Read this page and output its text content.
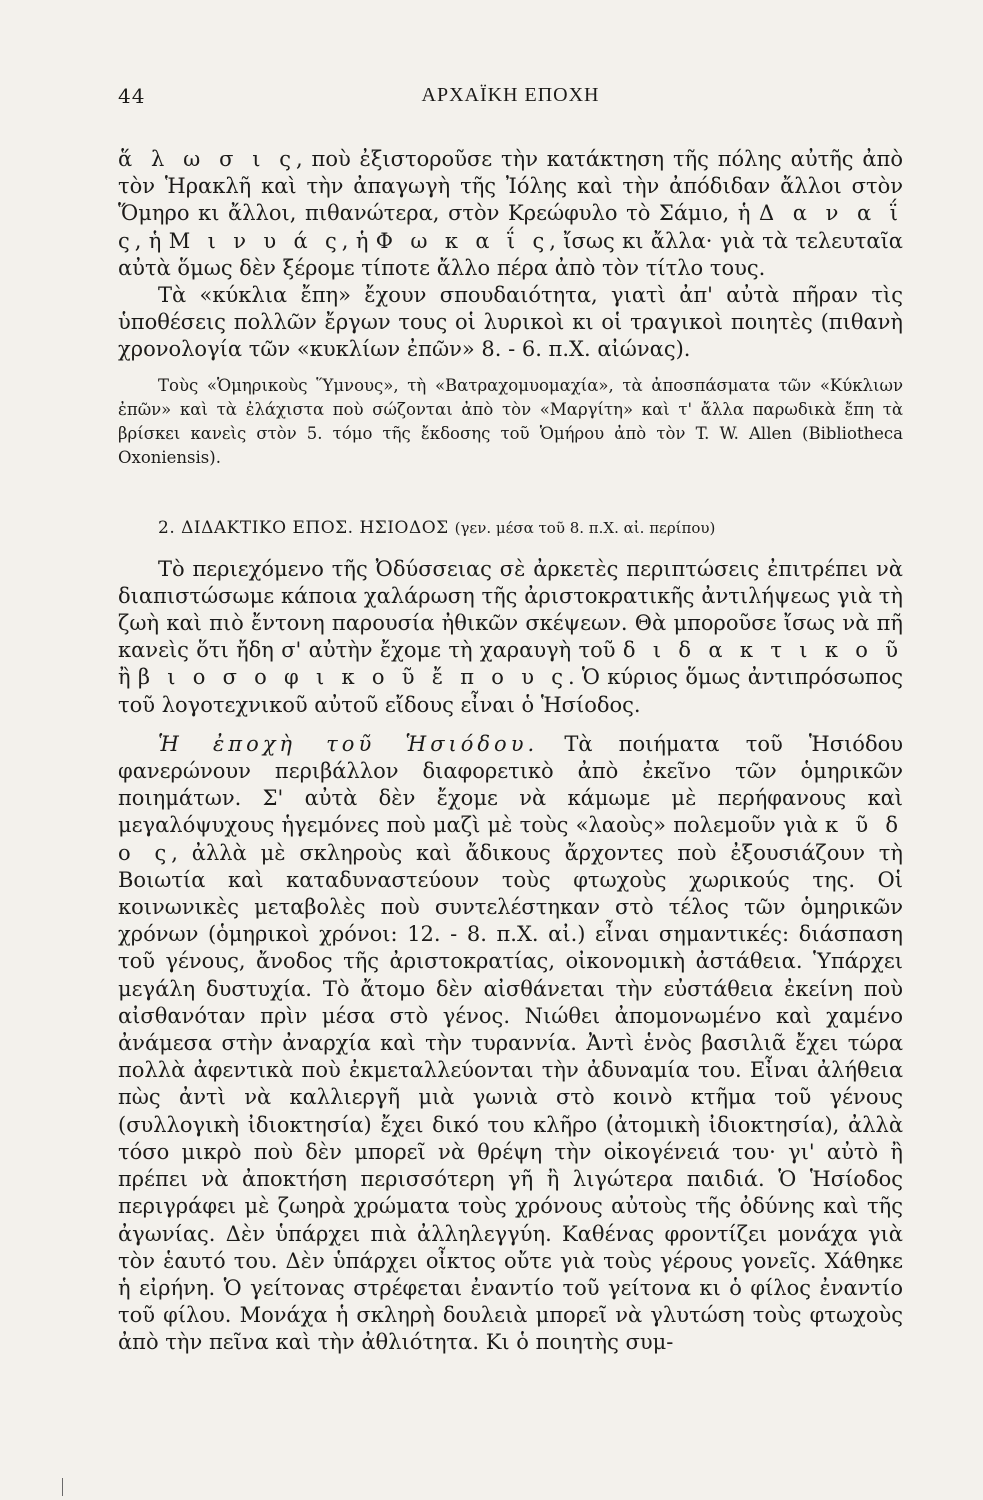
44	ΑΡΧΑΪΚΗ ΕΠΟΧΗ

ἅ λ ω σ ι ς, ποὺ ἐξιστοροῦσε τὴν κατάκτηση τῆς πόλης αὐτῆς ἀπὸ τὸν Ἡρακλῆ καὶ τὴν ἀπαγωγὴ τῆς Ἰόλης καὶ τὴν ἀπόδιδαν ἄλλοι στὸν Ὅμηρο κι ἄλλοι, πιθανώτερα, στὸν Κρεώφυλο τὸ Σάμιο, ἡ Δ α ν α ΐ ς, ἡ Μ ι ν υ ά ς, ἡ Φ ω κ α ΐ ς, ἴσως κι ἄλλα· γιὰ τὰ τελευταῖα αὐτὰ ὅμως δὲν ξέρομε τίποτε ἄλλο πέρα ἀπὸ τὸν τίτλο τους.

Τὰ «κύκλια ἔπη» ἔχουν σπουδαιότητα, γιατὶ ἀπ' αὐτὰ πῆραν τὶς ὑποθέσεις πολλῶν ἔργων τους οἱ λυρικοὶ κι οἱ τραγικοὶ ποιητὲς (πιθανὴ χρονολογία τῶν «κυκλίων ἐπῶν» 8. - 6. π.Χ. αἰώνας).

Τοὺς «Ὁμηρικοὺς Ὕμνους», τὴ «Βατραχομυομαχία», τὰ ἀποσπάσματα τῶν «Κύκλιων ἐπῶν» καὶ τὰ ἐλάχιστα ποὺ σώζονται ἀπὸ τὸν «Μαργίτη» καὶ τ' ἄλλα παρωδικὰ ἔπη τὰ βρίσκει κανεὶς στὸν 5. τόμο τῆς ἔκδοσης τοῦ Ὁμήρου ἀπὸ τὸν T. W. Allen (Bibliotheca Oxoniensis).

2. ΔΙΔΑΚΤΙΚΟ ΕΠΟΣ. ΗΣΙΟΔΟΣ (γεν. μέσα τοῦ 8. π.Χ. αἰ. περίπου)

Τὸ περιεχόμενο τῆς Ὀδύσσειας σὲ ἀρκετὲς περιπτώσεις ἐπιτρέπει νὰ διαπιστώσωμε κάποια χαλάρωση τῆς ἀριστοκρατικῆς ἀντιλήψεως γιὰ τὴ ζωὴ καὶ πιὸ ἔντονη παρουσία ἠθικῶν σκέψεων. Θὰ μποροῦσε ἴσως νὰ πῆ κανεὶς ὅτι ἤδη σ' αὐτὴν ἔχομε τὴ χαραυγὴ τοῦ δ ι δ α κ τ ι κ ο ῦ ἢ β ι ο σ ο φ ι κ ο ῦ ἔ π ο υ ς. Ὁ κύριος ὅμως ἀντιπρόσωπος τοῦ λογοτεχνικοῦ αὐτοῦ εἴδους εἶναι ὁ Ἡσίοδος.

Ἡ ἐποχὴ τοῦ Ἡσιόδου. Τὰ ποιήματα τοῦ Ἡσιόδου φανερώνουν περιβάλλον διαφορετικὸ ἀπὸ ἐκεῖνο τῶν ὁμηρικῶν ποιημάτων. Σ' αὐτὰ δὲν ἔχομε νὰ κάμωμε μὲ περήφανους καὶ μεγαλόψυχους ἡγεμόνες ποὺ μαζὶ μὲ τοὺς «λαοὺς» πολεμοῦν γιὰ κ ῦ δ ο ς, ἀλλὰ μὲ σκληροὺς καὶ ἄδικους ἄρχοντες ποὺ ἐξουσιάζουν τὴ Βοιωτία καὶ καταδυναστεύουν τοὺς φτωχοὺς χωρικούς της. Οἱ κοινωνικὲς μεταβολὲς ποὺ συντελέστηκαν στὸ τέλος τῶν ὁμηρικῶν χρόνων (ὁμηρικοὶ χρόνοι: 12. - 8. π.Χ. αἰ.) εἶναι σημαντικές: διάσπαση τοῦ γένους, ἄνοδος τῆς ἀριστοκρατίας, οἰκονομικὴ ἀστάθεια. Ὑπάρχει μεγάλη δυστυχία. Τὸ ἄτομο δὲν αἰσθάνεται τὴν εὐστάθεια ἐκείνη ποὺ αἰσθανόταν πρὶν μέσα στὸ γένος. Νιώθει ἀπομονωμένο καὶ χαμένο ἀνάμεσα στὴν ἀναρχία καὶ τὴν τυραννία. Ἀντὶ ἑνὸς βασιλιᾶ ἔχει τώρα πολλὰ ἀφεντικὰ ποὺ ἐκμεταλλεύονται τὴν ἀδυναμία του. Εἶναι ἀλήθεια πὼς ἀντὶ νὰ καλλιεργῆ μιὰ γωνιὰ στὸ κοινὸ κτῆμα τοῦ γένους (συλλογικὴ ἰδιοκτησία) ἔχει δικό του κλῆρο (ἀτομικὴ ἰδιοκτησία), ἀλλὰ τόσο μικρὸ ποὺ δὲν μπορεῖ νὰ θρέψη τὴν οἰκογένειά του· γι' αὐτὸ ἢ πρέπει νὰ ἀποκτήση περισσότερη γῆ ἢ λιγώτερα παιδιά. Ὁ Ἡσίοδος περιγράφει μὲ ζωηρὰ χρώματα τοὺς χρόνους αὐτοὺς τῆς ὀδύνης καὶ τῆς ἀγωνίας. Δὲν ὑπάρχει πιὰ ἀλληλεγγύη. Καθένας φροντίζει μονάχα γιὰ τὸν ἑαυτό του. Δὲν ὑπάρχει οἶκτος οὔτε γιὰ τοὺς γέρους γονεῖς. Χάθηκε ἡ εἰρήνη. Ὁ γείτονας στρέφεται ἐναντίο τοῦ γείτονα κι ὁ φίλος ἐναντίο τοῦ φίλου. Μονάχα ἡ σκληρὴ δουλειὰ μπορεῖ νὰ γλυτώση τοὺς φτωχοὺς ἀπὸ τὴν πεῖνα καὶ τὴν ἀθλιότητα. Κι ὁ ποιητὴς συμ-
